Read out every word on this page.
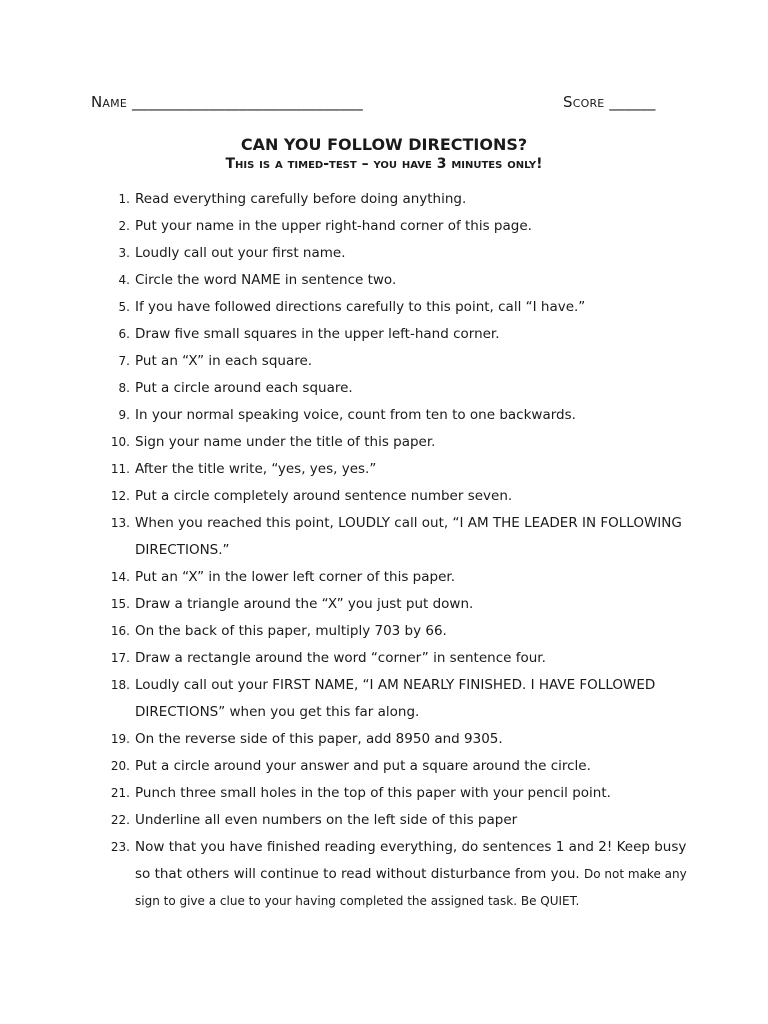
Name ______________________________	Score ______
CAN YOU FOLLOW DIRECTIONS?
This is a timed-test – you have 3 minutes only!
1. Read everything carefully before doing anything.
2. Put your name in the upper right-hand corner of this page.
3. Loudly call out your first name.
4. Circle the word NAME in sentence two.
5. If you have followed directions carefully to this point, call “I have.”
6. Draw five small squares in the upper left-hand corner.
7. Put an “X” in each square.
8. Put a circle around each square.
9. In your normal speaking voice, count from ten to one backwards.
10. Sign your name under the title of this paper.
11. After the title write, “yes, yes, yes.”
12. Put a circle completely around sentence number seven.
13. When you reached this point, LOUDLY call out, “I AM THE LEADER IN FOLLOWING DIRECTIONS.”
14. Put an “X” in the lower left corner of this paper.
15. Draw a triangle around the “X” you just put down.
16. On the back of this paper, multiply 703 by 66.
17. Draw a rectangle around the word “corner” in sentence four.
18. Loudly call out your FIRST NAME, “I AM NEARLY FINISHED. I HAVE FOLLOWED DIRECTIONS” when you get this far along.
19. On the reverse side of this paper, add 8950 and 9305.
20. Put a circle around your answer and put a square around the circle.
21. Punch three small holes in the top of this paper with your pencil point.
22. Underline all even numbers on the left side of this paper
23. Now that you have finished reading everything, do sentences 1 and 2! Keep busy so that others will continue to read without disturbance from you. Do not make any sign to give a clue to your having completed the assigned task. Be QUIET.
